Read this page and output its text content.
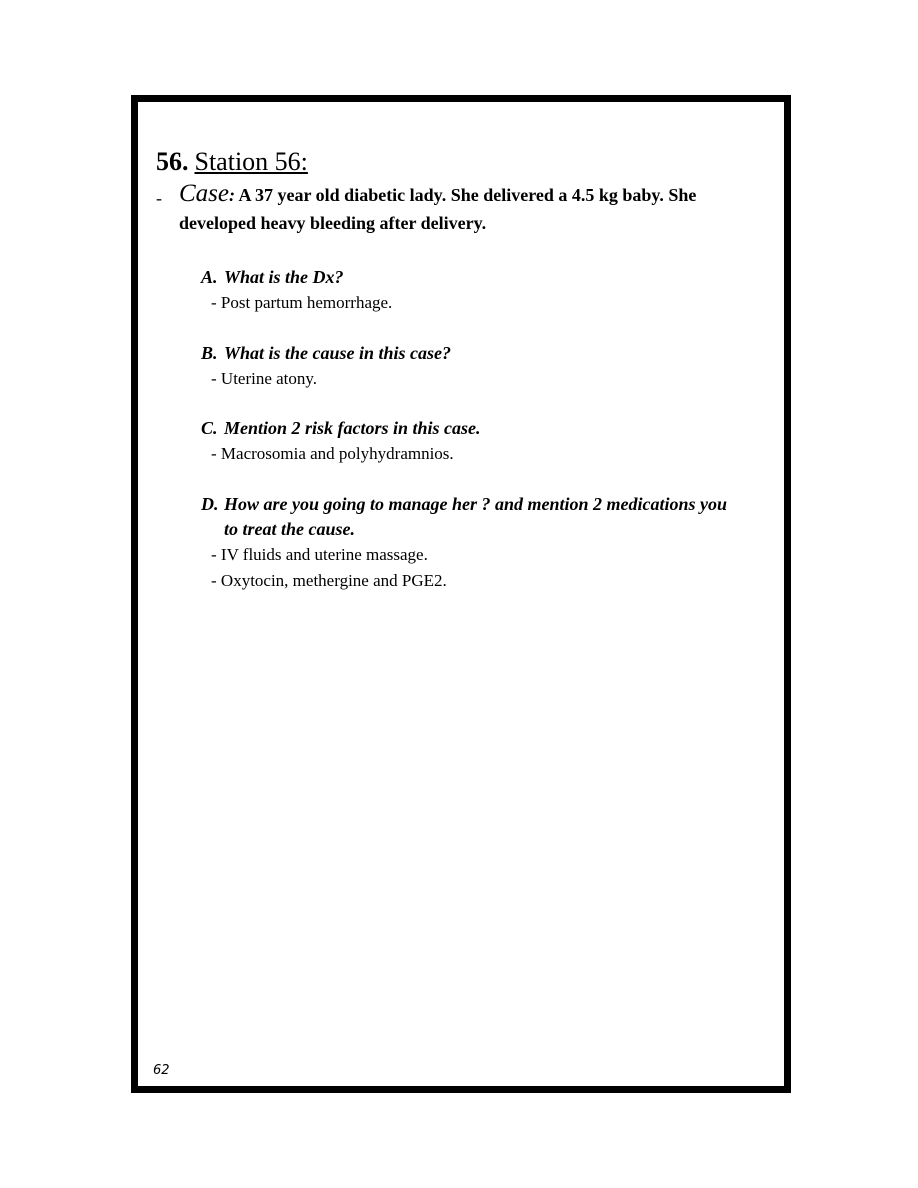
56. Station 56:
- Case: A 37 year old diabetic lady. She delivered a 4.5 kg baby. She
developed heavy bleeding after delivery.
A. What is the Dx?
- Post partum hemorrhage.
B. What is the cause in this case?
- Uterine atony.
C. Mention 2 risk factors in this case.
- Macrosomia and polyhydramnios.
D. How are you going to manage her ? and mention 2 medications you
to treat the cause.
- IV fluids and uterine massage.
- Oxytocin, methergine and PGE2.
62
